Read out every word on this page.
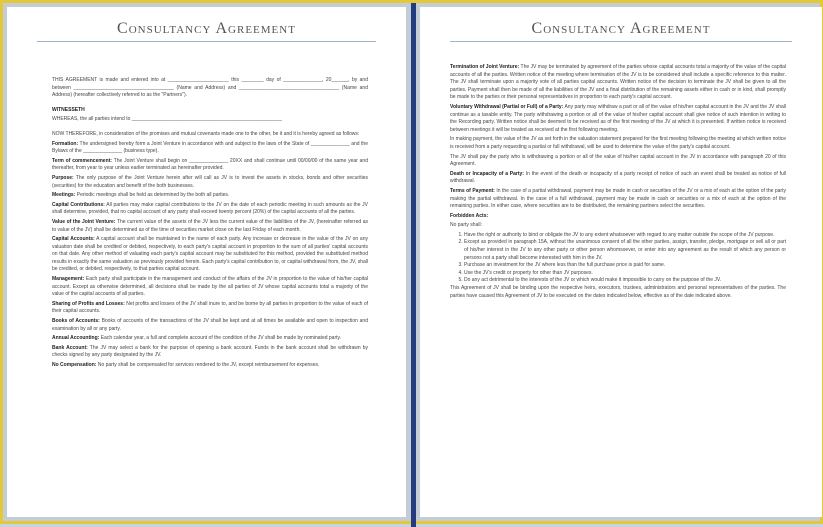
Consultancy Agreement

THIS AGREEMENT is made and entered into at ______________________ this ________ day of ______________, 20______, by and between ____________________________________ (Name and Address) and ____________________________________ (Name and Address) (hereafter collectively referred to as the "Partners").

WITNESSETH

WHEREAS, the all parties intend to ______________________________________________________

NOW THEREFORE, in consideration of the promises and mutual covenants made one to the other, be it and it is hereby agreed as follows:

Formation: The undersigned hereby form a Joint Venture in accordance with and subject to the laws of the State of ______________ and the Bylaws of the ______________ (business type).

Term of commencement: The Joint Venture shall begin on ______________ 20XX and shall continue until 00/00/00 of the same year and thereafter, from year to year unless earlier terminated as hereinafter provided.

Purpose: The only purpose of the Joint Venture herein after will call as JV is to invest the assets in stocks, bonds and other securities (securities) for the education and benefit of the both businesses.

Meetings: Periodic meetings shall be held as determined by the both all parties.

Capital Contributions: All parties may make capital contributions to the JV on the date of each periodic meeting in such amounts as the JV shall determine, provided, that no capital account of any party shall exceed twenty percent (20%) of the capital accounts of all the parties.

Value of the Joint Venture: The current value of the assets of the JV less the current value of the liabilities of the JV, (hereinafter referred as to value of the JV) shall be determined as of the time of securities market close on the last Friday of each month.

Capital Accounts: A capital account shall be maintained in the name of each party. Any increase or decrease in the value of the JV on any valuation date shall be credited or debited, respectively, to each party's capital account in proportion to the sum of all parties' capital accounts on that date. Any other method of valuating each party's capital account may be substituted for this method, provided the substituted method results in exactly the same valuation as previously provided herein. Each party's capital contribution to, or capital withdrawal from, the JV, shall be credited, or debited, respectively, to that parties capital account.

Management: Each party shall participate in the management and conduct of the affairs of the JV in proportion to the value of his/her capital account. Except as otherwise determined, all decisions shall be made by the all parties of JV whose capital accounts total a majority of the value of the capital accounts of all parties.

Sharing of Profits and Losses: Net profits and losses of the JV shall inure to, and be borne by all parties in proportion to the value of each of their capital accounts.

Books of Accounts: Books of accounts of the transactions of the JV shall be kept and at all times be available and open to inspection and examination by all or any party.

Annual Accounting: Each calendar year, a full and complete account of the condition of the JV shall be made by nominated party.

Bank Account: The JV may select a bank for the purpose of opening a bank account. Funds in the bank account shall be withdrawn by checks signed by any party designated by the JV.

No Compensation: No party shall be compensated for services rendered to the JV, except reimbursement for expenses.

Consultancy Agreement

Termination of Joint Venture: The JV may be terminated by agreement of the parties whose capital accounts total a majority of the value of the capital accounts of all the parties. Written notice of the meeting where termination of the JV is to be considered shall include a specific reference to this matter. The JV shall terminate upon a majority vote of all parties capital accounts. Written notice of the decision to terminate the JV shall be given to all the parties. Payment shall then be made of all the liabilities of the JV and a final distribution of the remaining assets either in cash or in kind, shall promptly be made to the parties or their personal representatives in proportion to each party's capital account.

Voluntary Withdrawal (Partial or Full) of a Party: Any party may withdraw a part or all of the value of his/her capital account in the JV and the JV shall continue as a taxable entity. The party withdrawing a portion or all of the value of his/her capital account shall give notice of such intention in writing to the Recording party. Written notice shall be deemed to be received as of the first meeting of the JV at which it is presented. If written notice is received between meetings it will be treated as received at the first following meeting.

In making payment, the value of the JV as set forth in the valuation statement prepared for the first meeting following the meeting at which written notice is received from a party requesting a partial or full withdrawal, will be used to determine the value of the party's capital account.

The JV shall pay the party who is withdrawing a portion or all of the value of his/her capital account in the JV in accordance with paragraph 20 of this Agreement.

Death or Incapacity of a Party: In the event of the death or incapacity of a party receipt of notice of such an event shall be treated as notice of full withdrawal.

Terms of Payment: In the case of a partial withdrawal, payment may be made in cash or securities of the JV or a mix of each at the option of the party making the partial withdrawal. In the case of a full withdrawal, payment may be made in cash or securities or a mix of each at the option of the remaining parties. In either case, where securities are to be distributed, the remaining partners select the securities.

Forbidden Acts:

No party shall:

1. Have the right or authority to bind or obligate the JV to any extent whatsoever with regard to any matter outside the scope of the JV purpose.
2. Except as provided in paragraph 15A, without the unanimous consent of all the other parties, assign, transfer, pledge, mortgage or sell all or part of his/her interest in the JV to any other party or other person whomsoever, or enter into any agreement as the result of which any person or persons not a party shall become interested with him in the JV.
3. Purchase an investment for the JV where less than the full purchase price is paid for same.
4. Use the JV's credit or property for other than JV purposes.
5. Do any act detrimental to the interests of the JV or which would make it impossible to carry on the purpose of the JV.

This Agreement of JV shall be binding upon the respective heirs, executors, trustees, administrators and personal representatives of the parties. The parties have caused this Agreement of JV to be executed on the dates indicated below, effective as of the date indicated above.
